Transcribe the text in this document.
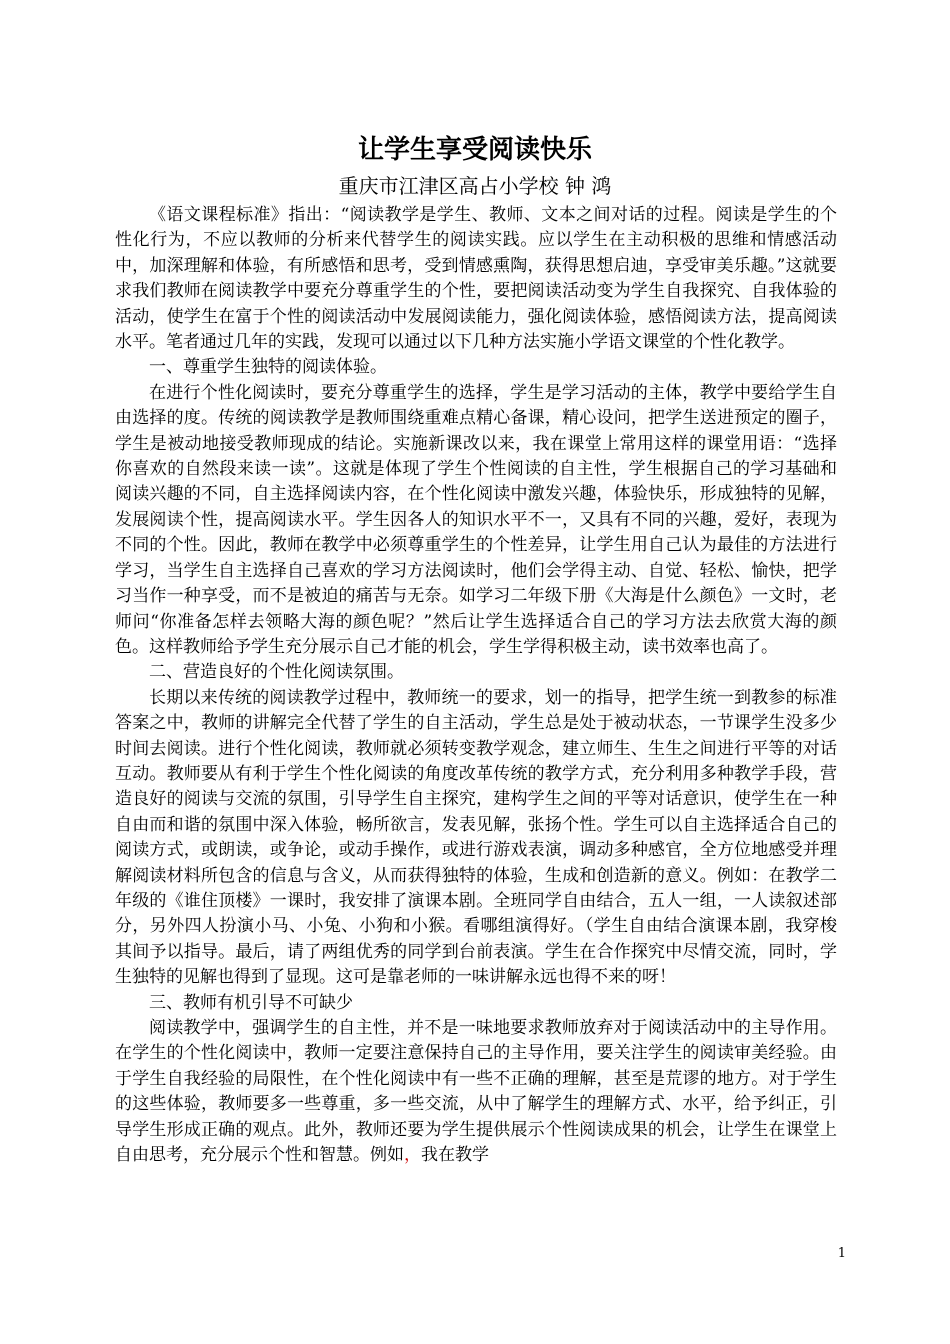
让学生享受阅读快乐
重庆市江津区高占小学校 钟 鸿

《语文课程标准》指出：“阅读教学是学生、教师、文本之间对话的过程。阅读是学生的个性化行为，不应以教师的分析来代替学生的阅读实践。应以学生在主动积极的思维和情感活动中，加深理解和体验，有所感悟和思考，受到情感熏陶，获得思想启迪，享受审美乐趣。”这就要求我们教师在阅读教学中要充分尊重学生的个性，要把阅读活动变为学生自我探究、自我体验的活动，使学生在富于个性的阅读活动中发展阅读能力，强化阅读体验，感悟阅读方法，提高阅读水平。笔者通过几年的实践，发现可以通过以下几种方法实施小学语文课堂的个性化教学。

一、尊重学生独特的阅读体验。

在进行个性化阅读时，要充分尊重学生的选择，学生是学习活动的主体，教学中要给学生自由选择的度。传统的阅读教学是教师围绕重难点精心备课，精心设问，把学生送进预定的圈子，学生是被动地接受教师现成的结论。实施新课改以来，我在课堂上常用这样的课堂用语：“选择你喜欢的自然段来读一读”。这就是体现了学生个性阅读的自主性，学生根据自己的学习基础和阅读兴趣的不同，自主选择阅读内容，在个性化阅读中激发兴趣，体验快乐，形成独特的见解，发展阅读个性，提高阅读水平。学生因各人的知识水平不一，又具有不同的兴趣，爱好，表现为不同的个性。因此，教师在教学中必须尊重学生的个性差异，让学生用自己认为最佳的方法进行学习，当学生自主选择自己喜欢的学习方法阅读时，他们会学得主动、自觉、轻松、愉快，把学习当作一种享受，而不是被迫的痛苦与无奈。如学习二年级下册《大海是什么颜色》一文时，老师问“你准备怎样去领略大海的颜色呢？”然后让学生选择适合自己的学习方法去欣赏大海的颜色。这样教师给予学生充分展示自己才能的机会，学生学得积极主动，读书效率也高了。

二、营造良好的个性化阅读氛围。

长期以来传统的阅读教学过程中，教师统一的要求，划一的指导，把学生统一到教参的标准答案之中，教师的讲解完全代替了学生的自主活动，学生总是处于被动状态，一节课学生没多少时间去阅读。进行个性化阅读，教师就必须转变教学观念，建立师生、生生之间进行平等的对话互动。教师要从有利于学生个性化阅读的角度改革传统的教学方式，充分利用多种教学手段，营造良好的阅读与交流的氛围，引导学生自主探究，建构学生之间的平等对话意识，使学生在一种自由而和谐的氛围中深入体验，畅所欲言，发表见解，张扬个性。学生可以自主选择适合自己的阅读方式，或朗读，或争论，或动手操作，或进行游戏表演，调动多种感官，全方位地感受并理解阅读材料所包含的信息与含义，从而获得独特的体验，生成和创造新的意义。例如：在教学二年级的《谁住顶楼》一课时，我安排了演课本剧。全班同学自由结合，五人一组，一人读叙述部分，另外四人扮演小马、小兔、小狗和小猴。看哪组演得好。（学生自由结合演课本剧，我穿梭其间予以指导。最后，请了两组优秀的同学到台前表演。学生在合作探究中尽情交流，同时，学生独特的见解也得到了显现。这可是靠老师的一味讲解永远也得不来的呀！

三、教师有机引导不可缺少

阅读教学中，强调学生的自主性，并不是一味地要求教师放弃对于阅读活动中的主导作用。在学生的个性化阅读中，教师一定要注意保持自己的主导作用，要关注学生的阅读审美经验。由于学生自我经验的局限性，在个性化阅读中有一些不正确的理解，甚至是荒谬的地方。对于学生的这些体验，教师要多一些尊重，多一些交流，从中了解学生的理解方式、水平，给予纠正，引导学生形成正确的观点。此外，教师还要为学生提供展示个性阅读成果的机会，让学生在课堂上自由思考，充分展示个性和智慧。例如，我在教学

1
